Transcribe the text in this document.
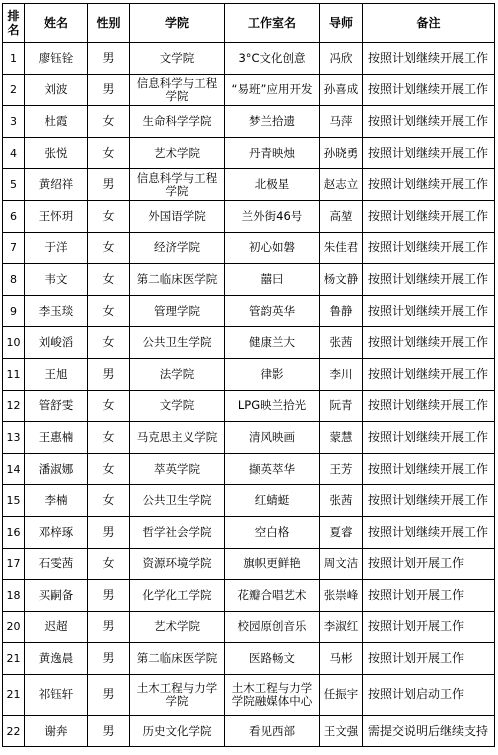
排名	姓名	性别	学院	工作室名	导师	备注
1	廖钰铨	男	文学院	3°C文化创意	冯欣	按照计划继续开展工作
2	刘波	男	信息科学与工程学院	“易班”应用开发	孙喜成	按照计划继续开展工作
3	杜霞	女	生命科学学院	梦兰拾遗	马萍	按照计划继续开展工作
4	张悦	女	艺术学院	丹青映烛	孙晓勇	按照计划继续开展工作
5	黄绍祥	男	信息科学与工程学院	北极星	赵志立	按照计划继续开展工作
6	王怀玥	女	外国语学院	兰外街46号	高堃	按照计划继续开展工作
7	于洋	女	经济学院	初心如磐	朱佳君	按照计划继续开展工作
8	韦文	女	第二临床医学院	囍曰	杨文静	按照计划继续开展工作
9	李玉琰	女	管理学院	管韵英华	鲁静	按照计划继续开展工作
10	刘峻滔	女	公共卫生学院	健康兰大	张茜	按照计划继续开展工作
11	王旭	男	法学院	律影	李川	按照计划继续开展工作
12	管舒雯	女	文学院	LPG映兰拾光	阮青	按照计划继续开展工作
13	王惠楠	女	马克思主义学院	清风映画	蒙慧	按照计划继续开展工作
14	潘淑娜	女	萃英学院	撷英萃华	王芳	按照计划继续开展工作
15	李楠	女	公共卫生学院	红蜻蜓	张茜	按照计划继续开展工作
16	邓梓琢	男	哲学社会学院	空白格	夏睿	按照计划继续开展工作
17	石雯茜	女	资源环境学院	旗帜更鲜艳	周文洁	按照计划开展工作
18	买嗣备	男	化学化工学院	花瓣合唱艺术	张崇峰	按照计划开展工作
20	迟超	男	艺术学院	校园原创音乐	李淑红	按照计划开展工作
21	黄逸晨	男	第二临床医学院	医路畅文	马彬	按照计划开展工作
21	祁钰轩	男	土木工程与力学学院	土木工程与力学学院融媒体中心	任振宇	按照计划启动工作
22	谢奔	男	历史文化学院	看见西部	王文强	需提交说明后继续支持
